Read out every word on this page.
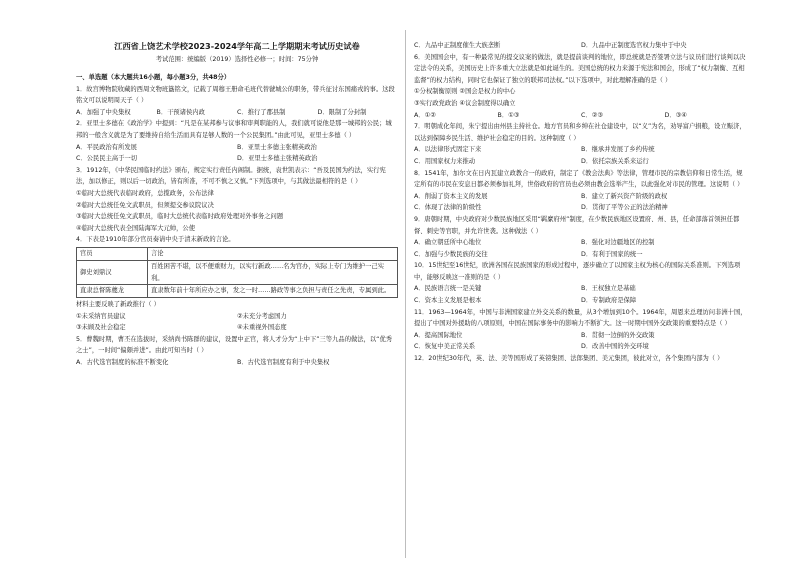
江西省上饶艺术学校2023-2024学年高二上学期期末考试历史试卷
考试范围：统编版（2019）选择性必修一；时间：75分钟

一、单选题（本大题共16小题，每小题3分，共48分）

1．故宫博物院收藏的西周文物班簋铭文，记载了周穆王册命毛班代替虢城公的职务，带兵征讨东国痛戎的事。这段铭文可以说明周天子（ ）

A．加强了中央集权	B．干预诸侯内政	C．推行了郡县制	D．限制了分封制

2．亚里士多德在《政治学》中提到：“凡是在某邦参与议事和审判职能的人，我们就可说他是那一城邦的公民；城邦的一般含义就是为了要维持自给生活而具有足够人数的一个公民集团。”由此可见，亚里士多德（ ）

A．平民政治有所发展	B．亚里士多德主张精英政治
C．公民民主高于一切	D．亚里士多德主张精英政治

3．1912年，《中华民国临时约法》颁布，规定实行责任内阁制。据统，袁世凯表示：“吾及民国为约法，实行宪法，加以修正，则以后一切政治，皆有所准，不可不慎之又慎。”下列选项中，与其做法最相符的是（ ）

①临时大总统代表临时政府，总揽政务，公布法律

②临时大总统任免文武职员，但须提交参议院议决

③临时大总统任免文武职员，临时大总统代表临时政府处理对外事务之问题

④临时大总统代表全国陆海军大元帅，公使

4．下表是1910年部分官员奏请中央于清末新政的言论。

官员	言论
御史刘鼎汉	百姓困苦不堪，以不便重财力，以实行新政……名为官办，实际上专门为维护一己实利。
直隶总督陈夔龙	直隶数年前十年所应办之事，发之一时……路政等事之负担与责任之先责，专属到此。

材料主要反映了新政推行（ ）

①未采纳官员建议	②未充分考虑国力
③未顾及社会稳定	④未重视外国态度

5．曹魏时期，曹丕在选拔时，采纳尚书陈群的建议，设置中正官，将人才分为“上中下”三等九品的做法，以“优秀之士”，一时间“偏颇并进”。由此可知当时（ ）

A．古代选官制度的标准不断变化	B．古代选官制度有利于中央集权
C．九品中正制度催生大族垄断	D．九品中正制度选官权力集中于中央

6．美国国会中，有一种最常见的提交议案的做法，就是提前谈判的地位，即总统就是否签署立法与议员们进行谈判以决定法令的关系，美国历史上许多重大立法就是如此诞生的。美国总统的权力来源于宪法和国会，形成了“权力制衡、互相监督”的权力结构，同时它也保证了独立的联邦司法权。”以下选项中，对此理解准确的是（ ）

①分权制衡原则 ②国会是权力的中心

③实行政党政治 ④议会制度得以确立

A．①②	B．①③	C．②③	D．③④

7．明朝成化年间，朱宁提出由州县主持社仓。地方官员和乡绅在社仓建设中，以“义”为名，劝导富户捐粮，设立赈济，以达到保障乡民生活、维护社会稳定的目的。这种制度（ ）

A．以法律形式固定下来	B．继承并发展了乡约传统
C．用国家权力来推动	D．依托宗族关系来运行

8．1541年，加尔文在日内瓦建立政教合一的政府，制定了《教会法典》等法律，管理市民的宗教信仰和日常生活，规定所有的市民在安息日都必须参加礼拜，世俗政府的官员也必须由教会选举产生，以此强化对市民的管理。这说明（ ）

A．削弱了资本主义的发展	B．建立了新兴资产阶级的政权
C．体现了法律的阶级性	D．贯彻了平等公正的法治精神

9．唐朝时期，中央政府对少数民族地区采用“羁縻府州”制度，在少数民族地区设置府、州、县，任命部落首领担任都督、刺史等官职，并允许世袭。这种做法（ ）

A．确立朝廷所中心地位	B．强化对边疆地区的控制
C．加强与少数民族的交往	D．有利于国家的统一

10．15世纪至16世纪，欧洲各国在民族国家的形成过程中，逐步确立了以国家主权为核心的国际关系准则。下列选项中，能够反映这一准则的是（ ）

A．民族语言统一是关键	B．王权独立是基础
C．资本主义发展是根本	D．专制政府是保障

11．1963—1964年，中国与非洲国家建立外交关系的数量，从3个增加到10个。1964年，周恩来总理访问非洲十国，提出了中国对外援助的八项原则，中国在国际事务中的影响力不断扩大。这一时期中国外交政策的重要特点是（ ）

A．提高国际地位	B．贯彻一边倒的外交政策
C．恢复中美正常关系	D．改善中国的外交环境

12．20世纪30年代，英、法、美等国形成了英镑集团、法郎集团、美元集团，彼此对立，各个集团内部为（ ）
